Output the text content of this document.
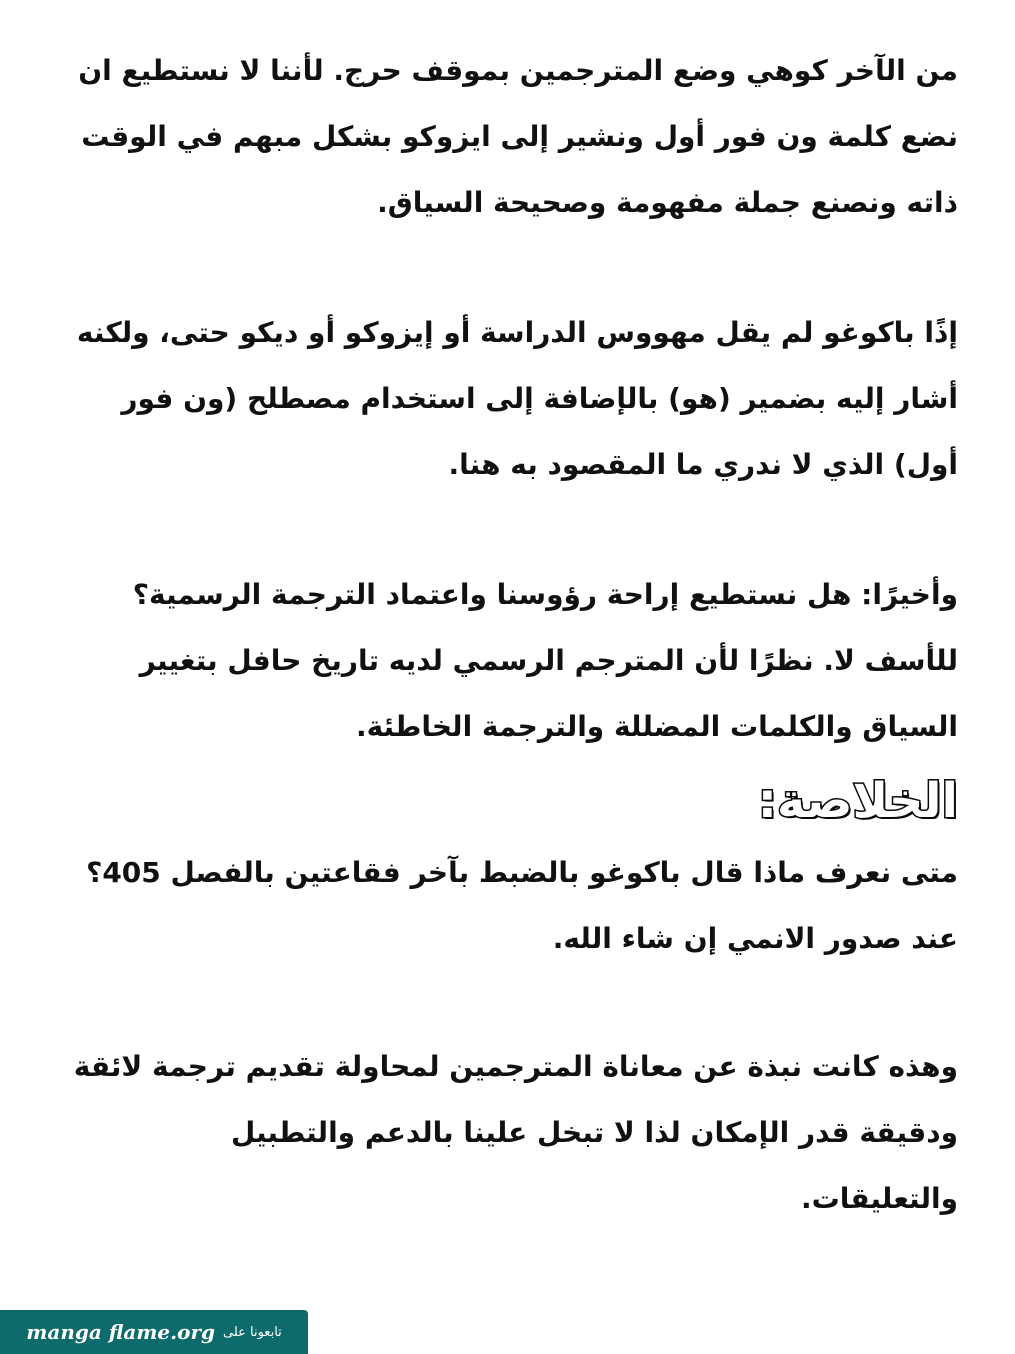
من الآخر كوهي وضع المترجمين بموقف حرج. لأننا لا نستطيع ان
نضع كلمة ون فور أول ونشير إلى ايزوكو بشكل مبهم في الوقت
ذاته ونصنع جملة مفهومة وصحيحة السياق.
إذًا باكوغو لم يقل مهووس الدراسة أو إيزوكو أو ديكو حتى، ولكنه
أشار إليه بضمير (هو) بالإضافة إلى استخدام مصطلح (ون فور
أول) الذي لا ندري ما المقصود به هنا.
وأخيرًا: هل نستطيع إراحة رؤوسنا واعتماد الترجمة الرسمية؟
للأسف لا. نظرًا لأن المترجم الرسمي لديه تاريخ حافل بتغيير
السياق والكلمات المضللة والترجمة الخاطئة.
الخلاصة:
متى نعرف ماذا قال باكوغو بالضبط بآخر فقاعتين بالفصل 405؟
عند صدور الانمي إن شاء الله.
وهذه كانت نبذة عن معاناة المترجمين لمحاولة تقديم ترجمة لائقة
ودقيقة قدر الإمكان لذا لا تبخل علينا بالدعم والتطبيل
والتعليقات.
manga flame.org تابعونا على
